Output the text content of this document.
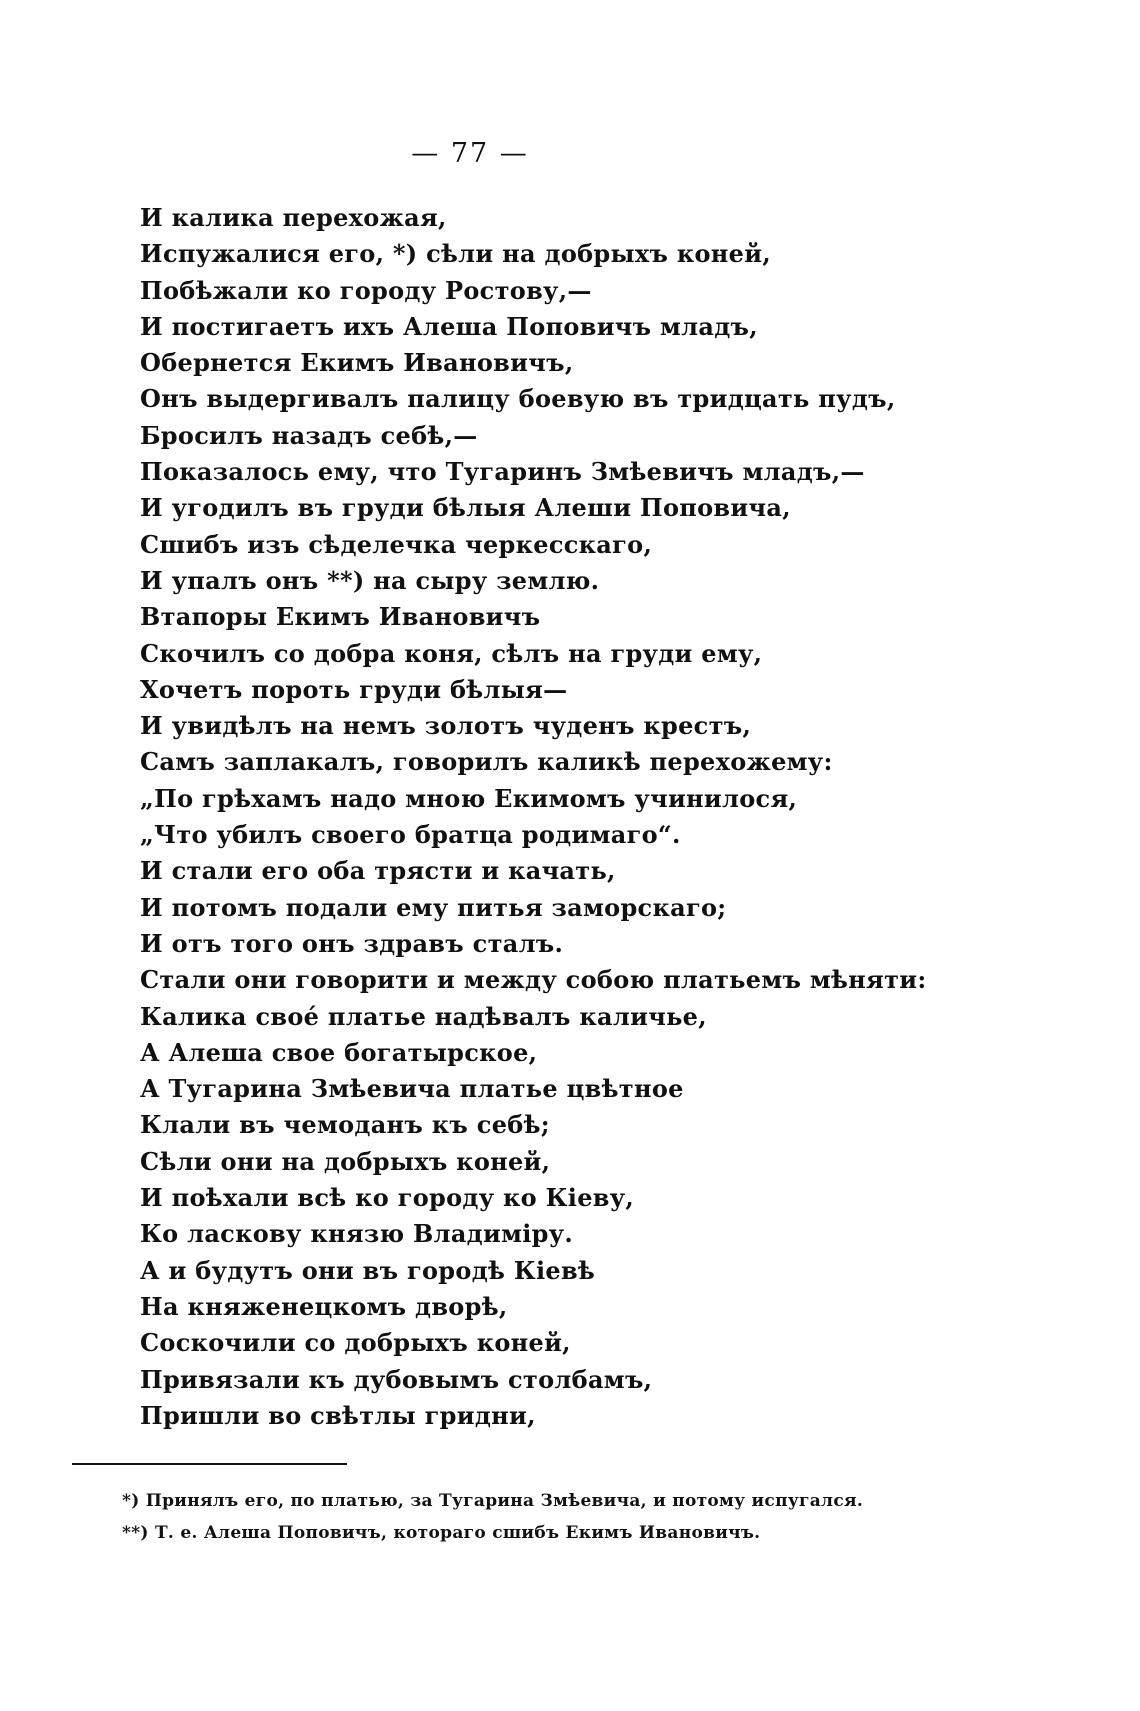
— 77 —
И калика перехожая,
Испужалися его, *) сѣли на добрыхъ коней,
Побѣжали ко городу Ростову,—
И постигаетъ ихъ Алеша Поповичъ младъ,
Обернется Екимъ Ивановичъ,
Онъ выдергивалъ палицу боевую въ тридцать пудъ,
Бросилъ назадъ себѣ,—
Показалось ему, что Тугаринъ Змѣевичъ младъ,—
И угодилъ въ груди бѣлыя Алеши Поповича,
Сшибъ изъ сѣделечка черкесскаго,
И упалъ онъ **) на сыру землю.
Втапоры Екимъ Ивановичъ
Скочилъ со добра коня, сѣлъ на груди ему,
Хочетъ пороть груди бѣлыя—
И увидѣлъ на немъ золотъ чуденъ крестъ,
Самъ заплакалъ, говорилъ каликѣ перехожему:
„По грѣхамъ надо мною Екимомъ учинилося,
„Что убилъ своего братца родимаго“.
И стали его оба трясти и качать,
И потомъ подали ему питья заморскаго;
И отъ того онъ здравъ сталъ.
Стали они говорити и между собою платьемъ мѣняти:
Калика своé платье надѣвалъ каличье,
А Алеша свое богатырское,
А Тугарина Змѣевича платье цвѣтное
Клали въ чемоданъ къ себѣ;
Сѣли они на добрыхъ коней,
И поѣхали всѣ ко городу ко Кіеву,
Ко ласкову князю Владиміру.
А и будутъ они въ городѣ Кіевѣ
На княженецкомъ дворѣ,
Соскочили со добрыхъ коней,
Привязали къ дубовымъ столбамъ,
Пришли во свѣтлы гридни,
*) Принялъ его, по платью, за Тугарина Змѣевича, и потому испугался.
**) Т. е. Алеша Поповичъ, котораго сшибъ Екимъ Ивановичъ.
